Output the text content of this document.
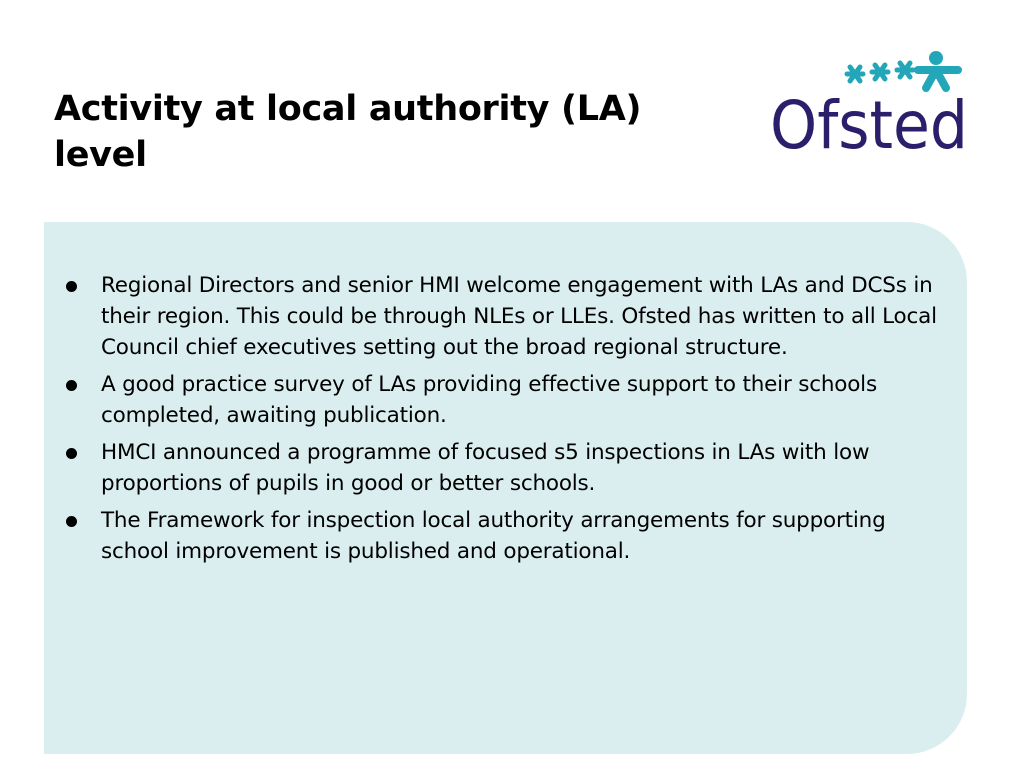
Activity at local authority (LA) level	Ofsted
Regional Directors and senior HMI welcome engagement with LAs and DCSs in their region. This could be through NLEs or LLEs. Ofsted has written to all Local Council chief executives setting out the broad regional structure.
A good practice survey of LAs providing effective support to their schools completed, awaiting publication.
HMCI announced a programme of focused s5 inspections in LAs with low proportions of pupils in good or better schools.
The Framework for inspection local authority arrangements for supporting school improvement is published and operational.
